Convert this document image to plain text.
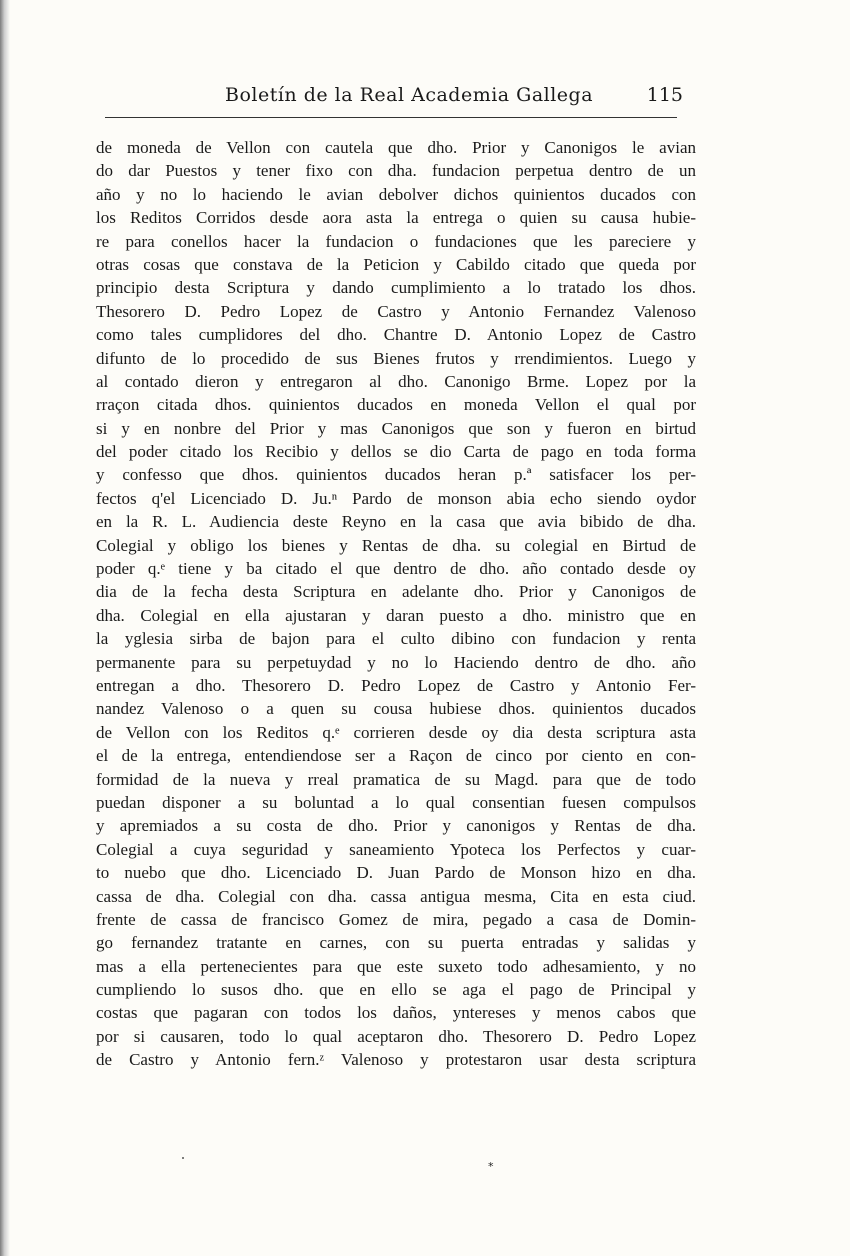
Boletín de la Real Academia Gallega	115
de moneda de Vellon con cautela que dho. Prior y Canonigos le avian
do dar Puestos y tener fixo con dha. fundacion perpetua dentro de un
año y no lo haciendo le avian debolver dichos quinientos ducados con
los Reditos Corridos desde aora asta la entrega o quien su causa hubie-
re para conellos hacer la fundacion o fundaciones que les pareciere y
otras cosas que constava de la Peticion y Cabildo citado que queda por
principio desta Scriptura y dando cumplimiento a lo tratado los dhos.
Thesorero D. Pedro Lopez de Castro y Antonio Fernandez Valenoso
como tales cumplidores del dho. Chantre D. Antonio Lopez de Castro
difunto de lo procedido de sus Bienes frutos y rrendimientos. Luego y
al contado dieron y entregaron al dho. Canonigo Brme. Lopez por la
rraçon citada dhos. quinientos ducados en moneda Vellon el qual por
si y en nonbre del Prior y mas Canonigos que son y fueron en birtud
del poder citado los Recibio y dellos se dio Carta de pago en toda forma
y confesso que dhos. quinientos ducados heran p.ª satisfacer los per-
fectos q'el Licenciado D. Ju.ⁿ Pardo de monson abia echo siendo oydor
en la R. L. Audiencia deste Reyno en la casa que avia bibido de dha.
Colegial y obligo los bienes y Rentas de dha. su colegial en Birtud de
poder q.ᵉ tiene y ba citado el que dentro de dho. año contado desde oy
dia de la fecha desta Scriptura en adelante dho. Prior y Canonigos de
dha. Colegial en ella ajustaran y daran puesto a dho. ministro que en
la yglesia sirba de bajon para el culto dibino con fundacion y renta
permanente para su perpetuydad y no lo Haciendo dentro de dho. año
entregan a dho. Thesorero D. Pedro Lopez de Castro y Antonio Fer-
nandez Valenoso o a quen su cousa hubiese dhos. quinientos ducados
de Vellon con los Reditos q.ᵉ corrieren desde oy dia desta scriptura asta
el de la entrega, entendiendose ser a Raçon de cinco por ciento en con-
formidad de la nueva y rreal pramatica de su Magd. para que de todo
puedan disponer a su boluntad a lo qual consentian fuesen compulsos
y apremiados a su costa de dho. Prior y canonigos y Rentas de dha.
Colegial a cuya seguridad y saneamiento Ypoteca los Perfectos y cuar-
to nuebo que dho. Licenciado D. Juan Pardo de Monson hizo en dha.
cassa de dha. Colegial con dha. cassa antigua mesma, Cita en esta ciud.
frente de cassa de francisco Gomez de mira, pegado a casa de Domin-
go fernandez tratante en carnes, con su puerta entradas y salidas y
mas a ella pertenecientes para que este suxeto todo adhesamiento, y no
cumpliendo lo susos dho. que en ello se aga el pago de Principal y
costas que pagaran con todos los daños, yntereses y menos cabos que
por si causaren, todo lo qual aceptaron dho. Thesorero D. Pedro Lopez
de Castro y Antonio fern.ᶻ Valenoso y protestaron usar desta scriptura
*
